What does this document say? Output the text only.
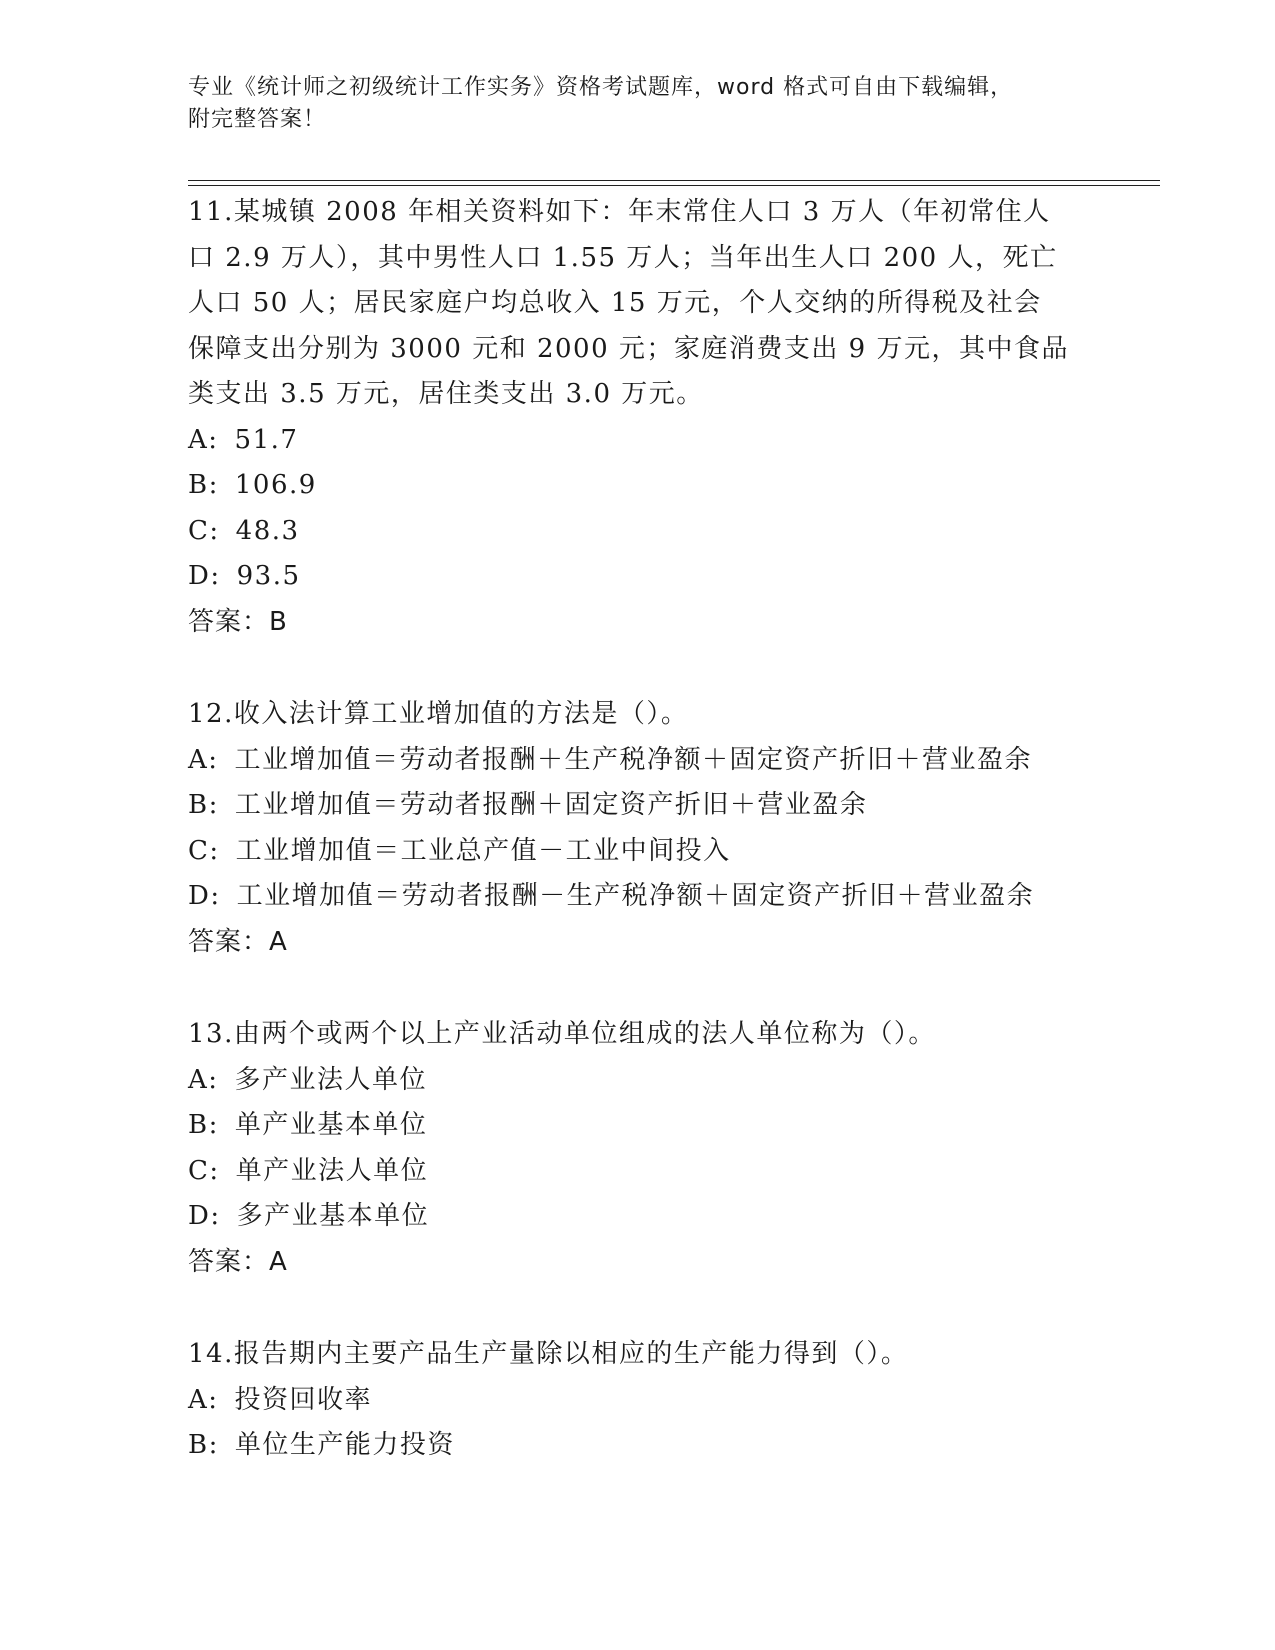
专业《统计师之初级统计工作实务》资格考试题库，word 格式可自由下载编辑，
附完整答案！
11.某城镇 2008 年相关资料如下：年末常住人口 3 万人（年初常住人
口 2.9 万人），其中男性人口 1.55 万人；当年出生人口 200 人，死亡
人口 50 人；居民家庭户均总收入 15 万元，个人交纳的所得税及社会
保障支出分别为 3000 元和 2000 元；家庭消费支出 9 万元，其中食品
类支出 3.5 万元，居住类支出 3.0 万元。
A: 51.7
B: 106.9
C: 48.3
D: 93.5
答案：B
12.收入法计算工业增加值的方法是（）。
A: 工业增加值＝劳动者报酬＋生产税净额＋固定资产折旧＋营业盈余
B: 工业增加值＝劳动者报酬＋固定资产折旧＋营业盈余
C: 工业增加值＝工业总产值－工业中间投入
D: 工业增加值＝劳动者报酬－生产税净额＋固定资产折旧＋营业盈余
答案：A
13.由两个或两个以上产业活动单位组成的法人单位称为（）。
A: 多产业法人单位
B: 单产业基本单位
C: 单产业法人单位
D: 多产业基本单位
答案：A
14.报告期内主要产品生产量除以相应的生产能力得到（）。
A: 投资回收率
B: 单位生产能力投资
